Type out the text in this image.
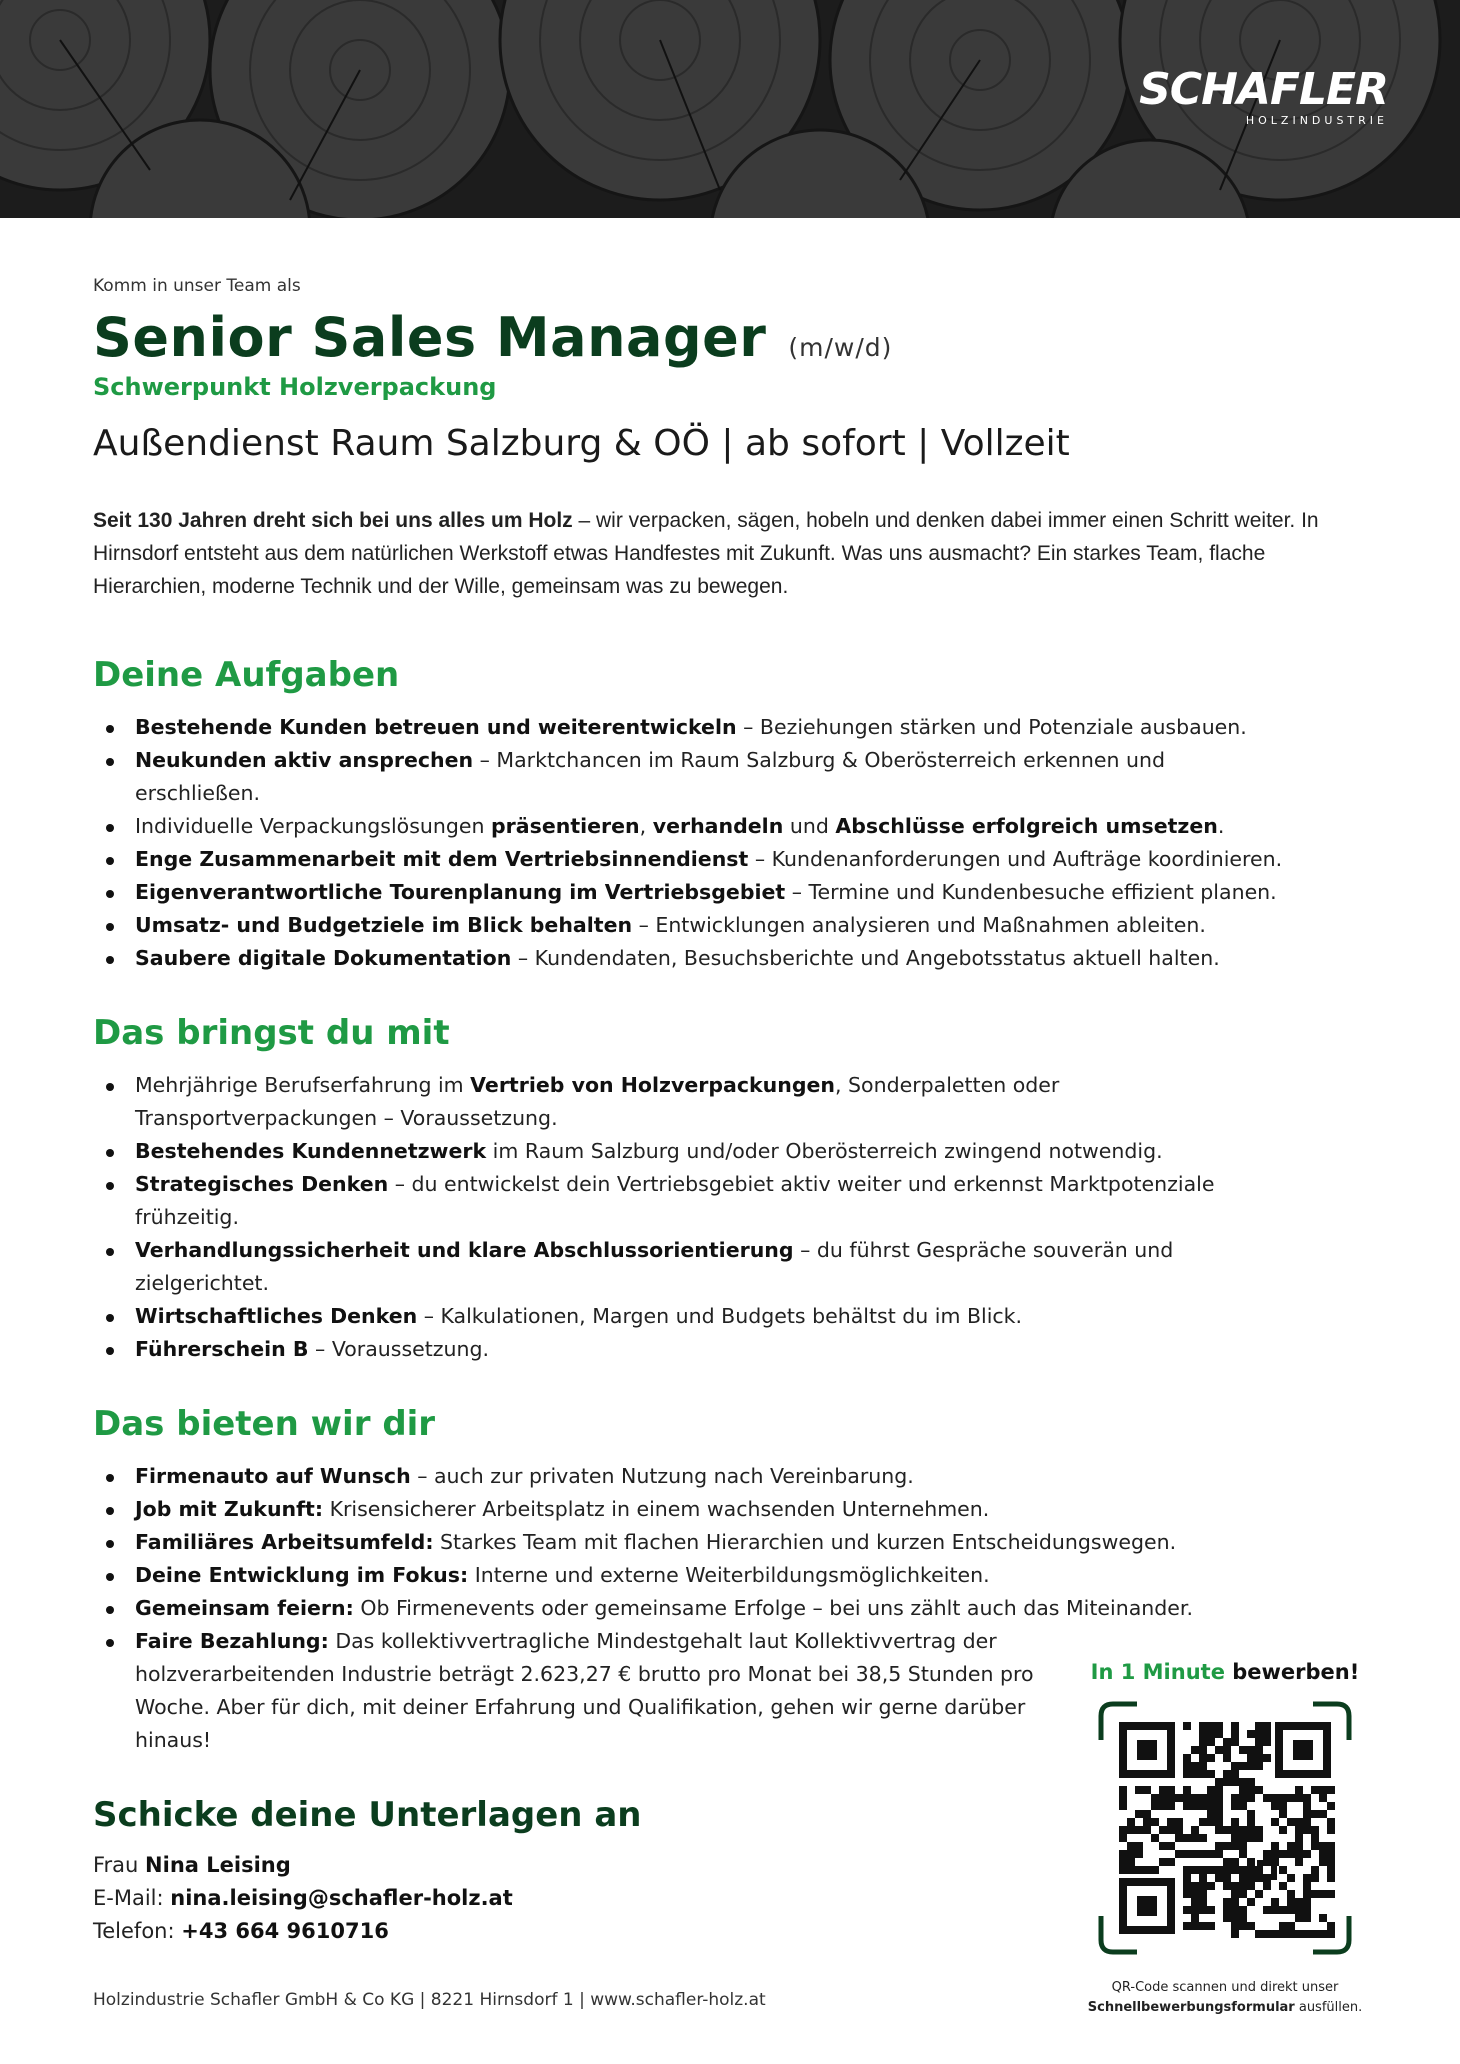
SCHAFLER
HOLZINDUSTRIE
Komm in unser Team als
Senior Sales Manager (m/w/d)
Schwerpunkt Holzverpackung
Außendienst Raum Salzburg & OÖ | ab sofort | Vollzeit
Seit 130 Jahren dreht sich bei uns alles um Holz – wir verpacken, sägen, hobeln und denken dabei immer einen Schritt weiter. In Hirnsdorf entsteht aus dem natürlichen Werkstoff etwas Handfestes mit Zukunft. Was uns ausmacht? Ein starkes Team, flache Hierarchien, moderne Technik und der Wille, gemeinsam was zu bewegen.
Deine Aufgaben
Bestehende Kunden betreuen und weiterentwickeln – Beziehungen stärken und Potenziale ausbauen.
Neukunden aktiv ansprechen – Marktchancen im Raum Salzburg & Oberösterreich erkennen und erschließen.
Individuelle Verpackungslösungen präsentieren, verhandeln und Abschlüsse erfolgreich umsetzen.
Enge Zusammenarbeit mit dem Vertriebsinnendienst – Kundenanforderungen und Aufträge koordinieren.
Eigenverantwortliche Tourenplanung im Vertriebsgebiet – Termine und Kundenbesuche effizient planen.
Umsatz- und Budgetziele im Blick behalten – Entwicklungen analysieren und Maßnahmen ableiten.
Saubere digitale Dokumentation – Kundendaten, Besuchsberichte und Angebotsstatus aktuell halten.
Das bringst du mit
Mehrjährige Berufserfahrung im Vertrieb von Holzverpackungen, Sonderpaletten oder Transportverpackungen – Voraussetzung.
Bestehendes Kundennetzwerk im Raum Salzburg und/oder Oberösterreich zwingend notwendig.
Strategisches Denken – du entwickelst dein Vertriebsgebiet aktiv weiter und erkennst Marktpotenziale frühzeitig.
Verhandlungssicherheit und klare Abschlussorientierung – du führst Gespräche souverän und zielgerichtet.
Wirtschaftliches Denken – Kalkulationen, Margen und Budgets behältst du im Blick.
Führerschein B – Voraussetzung.
Das bieten wir dir
Firmenauto auf Wunsch – auch zur privaten Nutzung nach Vereinbarung.
Job mit Zukunft: Krisensicherer Arbeitsplatz in einem wachsenden Unternehmen.
Familiäres Arbeitsumfeld: Starkes Team mit flachen Hierarchien und kurzen Entscheidungswegen.
Deine Entwicklung im Fokus: Interne und externe Weiterbildungsmöglichkeiten.
Gemeinsam feiern: Ob Firmenevents oder gemeinsame Erfolge – bei uns zählt auch das Miteinander.
Faire Bezahlung: Das kollektivvertragliche Mindestgehalt laut Kollektivvertrag der holzverarbeitenden Industrie beträgt 2.623,27 € brutto pro Monat bei 38,5 Stunden pro Woche. Aber für dich, mit deiner Erfahrung und Qualifikation, gehen wir gerne darüber hinaus!
Schicke deine Unterlagen an
Frau Nina Leising
E-Mail: nina.leising@schafler-holz.at
Telefon: +43 664 9610716
In 1 Minute bewerben!
QR-Code scannen und direkt unser
Schnellbewerbungsformular ausfüllen.
Holzindustrie Schafler GmbH & Co KG | 8221 Hirnsdorf 1 | www.schafler-holz.at
